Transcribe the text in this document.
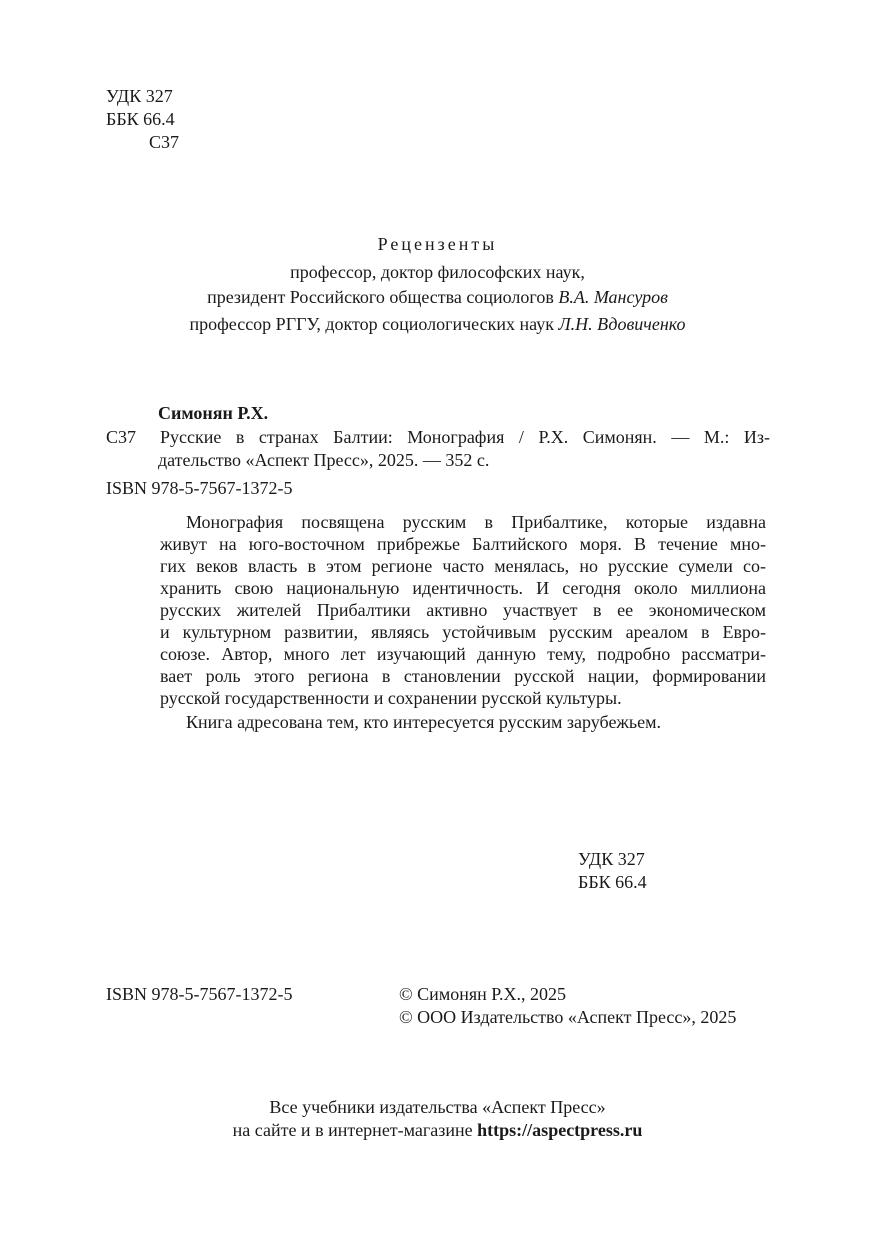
УДК 327
ББК 66.4
С37
Рецензенты
профессор, доктор философских наук,
президент Российского общества социологов В.А. Мансуров
профессор РГГУ, доктор социологических наук Л.Н. Вдовиченко
Симонян Р.Х.
С37 Русские в странах Балтии: Монография / Р.Х. Симонян. — М.: Из-
дательство «Аспект Пресс», 2025. — 352 с.
ISBN 978-5-7567-1372-5
Монография посвящена русским в Прибалтике, которые издавна
живут на юго-восточном прибрежье Балтийского моря. В течение мно-
гих веков власть в этом регионе часто менялась, но русские сумели со-
хранить свою национальную идентичность. И сегодня около миллиона
русских жителей Прибалтики активно участвует в ее экономическом
и культурном развитии, являясь устойчивым русским ареалом в Евро-
союзе. Автор, много лет изучающий данную тему, подробно рассматри-
вает роль этого региона в становлении русской нации, формировании
русской государственности и сохранении русской культуры.
Книга адресована тем, кто интересуется русским зарубежьем.
УДК 327
ББК 66.4
ISBN 978-5-7567-1372-5	© Симонян Р.Х., 2025
© ООО Издательство «Аспект Пресс», 2025
Все учебники издательства «Аспект Пресс»
на сайте и в интернет-магазине https://aspectpress.ru
